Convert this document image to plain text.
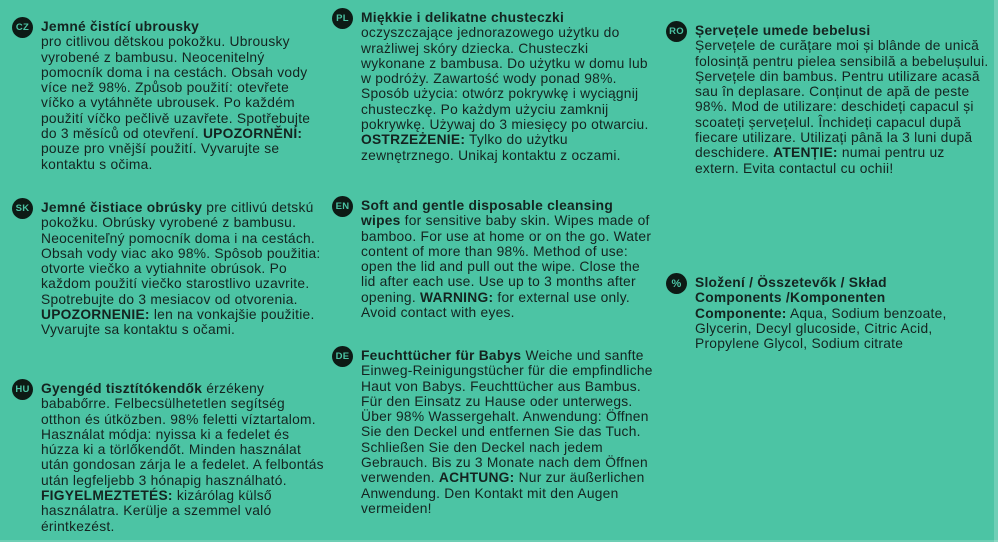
CZ Jemné čistící ubrousky
pro citlivou dětskou pokožku. Ubrousky vyrobené z bambusu. Neocenitelný pomocník doma i na cestách. Obsah vody více než 98%. Způsob použití: otevřete víčko a vytáhněte ubrousek. Po každém použití víčko pečlivě uzavřete. Spotřebujte do 3 měsíců od otevření. UPOZORNĚNÍ: pouze pro vnější použití. Vyvarujte se kontaktu s očima.

SK Jemné čistiace obrúsky pre citlivú detskú pokožku. Obrúsky vyrobené z bambusu. Neoceniteľný pomocník doma i na cestách. Obsah vody viac ako 98%. Spôsob použitia: otvorte viečko a vytiahnite obrúsok. Po každom použití viečko starostlivo uzavrite. Spotrebujte do 3 mesiacov od otvorenia. UPOZORNENIE: len na vonkajšie použitie. Vyvarujte sa kontaktu s očami.

HU Gyengéd tisztítókendők érzékeny bababőrre. Felbecsülhetetlen segítség otthon és útközben. 98% feletti víztartalom. Használat módja: nyissa ki a fedelet és húzza ki a törlőkendőt. Minden használat után gondosan zárja le a fedelet. A felbontás után legfeljebb 3 hónapig használható. FIGYELMEZTETÉS: kizárólag külső használatra. Kerülje a szemmel való érintkezést.

PL Miękkie i delikatne chusteczki
oczyszczające jednorazowego użytku do wrażliwej skóry dziecka. Chusteczki wykonane z bambusa. Do użytku w domu lub w podróży. Zawartość wody ponad 98%. Sposób użycia: otwórz pokrywkę i wyciągnij chusteczkę. Po każdym użyciu zamknij pokrywkę. Używaj do 3 miesięcy po otwarciu. OSTRZEŻENIE: Tylko do użytku zewnętrznego. Unikaj kontaktu z oczami.

EN Soft and gentle disposable cleansing wipes for sensitive baby skin. Wipes made of bamboo. For use at home or on the go. Water content of more than 98%. Method of use: open the lid and pull out the wipe. Close the lid after each use. Use up to 3 months after opening. WARNING: for external use only. Avoid contact with eyes.

DE Feuchttücher für Babys Weiche und sanfte Einweg-Reinigungstücher für die empfindliche Haut von Babys. Feuchttücher aus Bambus. Für den Einsatz zu Hause oder unterwegs. Über 98% Wassergehalt. Anwendung: Öffnen Sie den Deckel und entfernen Sie das Tuch. Schließen Sie den Deckel nach jedem Gebrauch. Bis zu 3 Monate nach dem Öffnen verwenden. ACHTUNG: Nur zur äußerlichen Anwendung. Den Kontakt mit den Augen vermeiden!

RO Șervețele umede bebelusi
Șervețele de curățare moi și blânde de unică folosință pentru pielea sensibilă a bebelușului. Șervețele din bambus. Pentru utilizare acasă sau în deplasare. Conținut de apă de peste 98%. Mod de utilizare: deschideți capacul și scoateți șervețelul. Închideți capacul după fiecare utilizare. Utilizați până la 3 luni după deschidere. ATENȚIE: numai pentru uz extern. Evita contactul cu ochii!

% Složení / Összetevők / Skład
Components /Komponenten
Componente: Aqua, Sodium benzoate, Glycerin, Decyl glucoside, Citric Acid, Propylene Glycol, Sodium citrate
